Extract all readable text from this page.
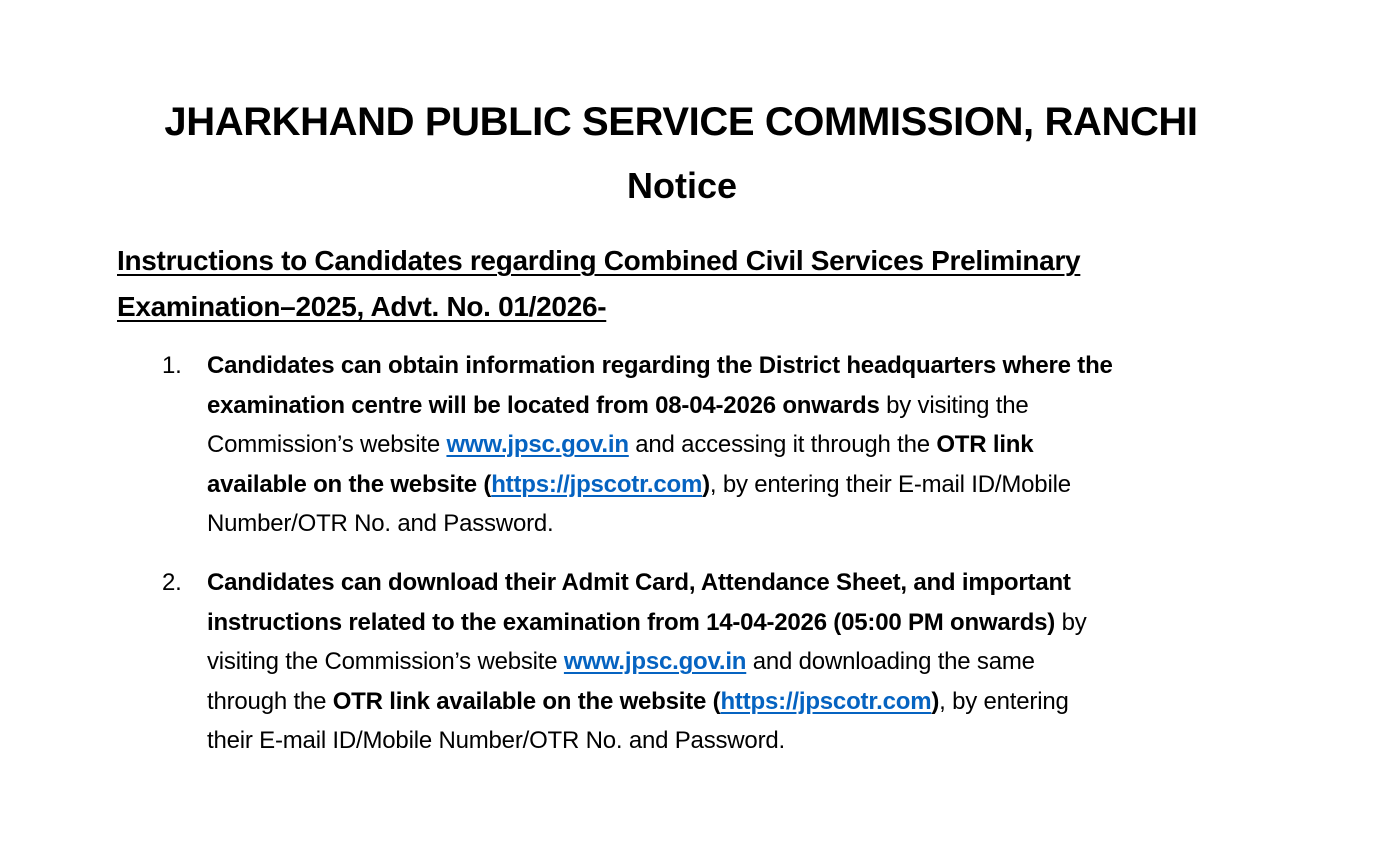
JHARKHAND PUBLIC SERVICE COMMISSION, RANCHI
Notice
Instructions to Candidates regarding Combined Civil Services Preliminary
Examination–2025, Advt. No. 01/2026-
1. Candidates can obtain information regarding the District headquarters where the
examination centre will be located from 08-04-2026 onwards by visiting the
Commission’s website www.jpsc.gov.in and accessing it through the OTR link
available on the website (https://jpscotr.com), by entering their E-mail ID/Mobile
Number/OTR No. and Password.
2. Candidates can download their Admit Card, Attendance Sheet, and important
instructions related to the examination from 14-04-2026 (05:00 PM onwards) by
visiting the Commission’s website www.jpsc.gov.in and downloading the same
through the OTR link available on the website (https://jpscotr.com), by entering
their E-mail ID/Mobile Number/OTR No. and Password.
